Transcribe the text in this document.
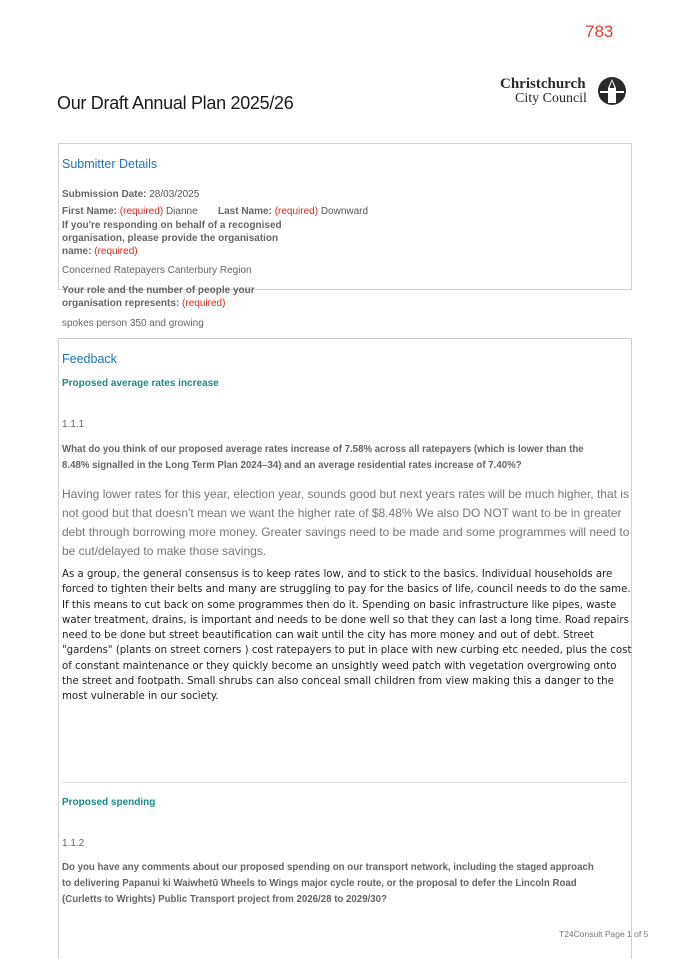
783
Our Draft Annual Plan 2025/26
Christchurch
City Council
Submitter Details
Submission Date: 28/03/2025
First Name: (required) Dianne Last Name: (required) Downward
If you're responding on behalf of a recognised
organisation, please provide the organisation
name: (required)
Concerned Ratepayers Canterbury Region
Your role and the number of people your
organisation represents: (required)
spokes person 350 and growing
Feedback
Proposed average rates increase
1.1.1
What do you think of our proposed average rates increase of 7.58% across all ratepayers (which is lower than the
8.48% signalled in the Long Term Plan 2024–34) and an average residential rates increase of 7.40%?
Having lower rates for this year, election year, sounds good but next years rates will be much higher, that is not good but that doesn't mean we want the higher rate of $8.48% We also DO NOT want to be in greater debt through borrowing more money. Greater savings need to be made and some programmes will need to be cut/delayed to make those savings.
As a group, the general consensus is to keep rates low, and to stick to the basics. Individual households are forced to tighten their belts and many are struggling to pay for the basics of life, council needs to do the same. If this means to cut back on some programmes then do it. Spending on basic infrastructure like pipes, waste water treatment, drains, is important and needs to be done well so that they can last a long time. Road repairs need to be done but street beautification can wait until the city has more money and out of debt. Street "gardens" (plants on street corners ) cost ratepayers to put in place with new curbing etc needed, plus the cost of constant maintenance or they quickly become an unsightly weed patch with vegetation overgrowing onto the street and footpath. Small shrubs can also conceal small children from view making this a danger to the most vulnerable in our society.
Proposed spending
1.1.2
Do you have any comments about our proposed spending on our transport network, including the staged approach
to delivering Papanui ki Waiwhetū Wheels to Wings major cycle route, or the proposal to defer the Lincoln Road
(Curletts to Wrights) Public Transport project from 2026/28 to 2029/30?
T24Consult Page 1 of 5
